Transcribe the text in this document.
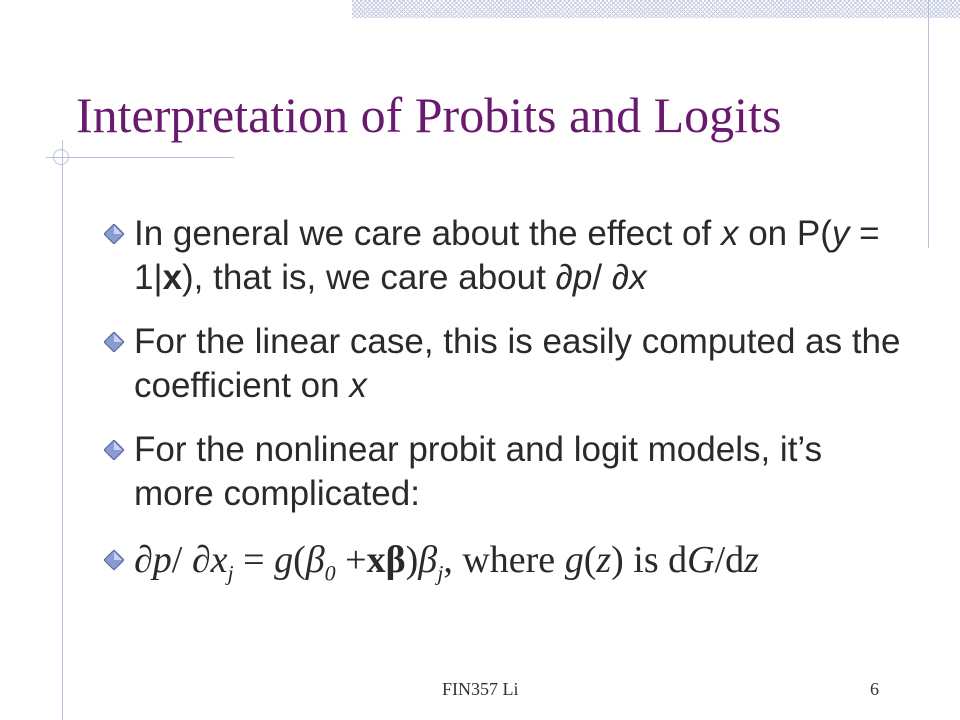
Interpretation of Probits and Logits
In general we care about the effect of x on P(y = 1|x), that is, we care about ∂p/ ∂x
For the linear case, this is easily computed as the coefficient on x
For the nonlinear probit and logit models, it’s more complicated:
∂p/ $\partial x_j = g(\beta_0 +x\beta)\beta_j$, where g(z) is dG/dz
FIN357 Li	6
